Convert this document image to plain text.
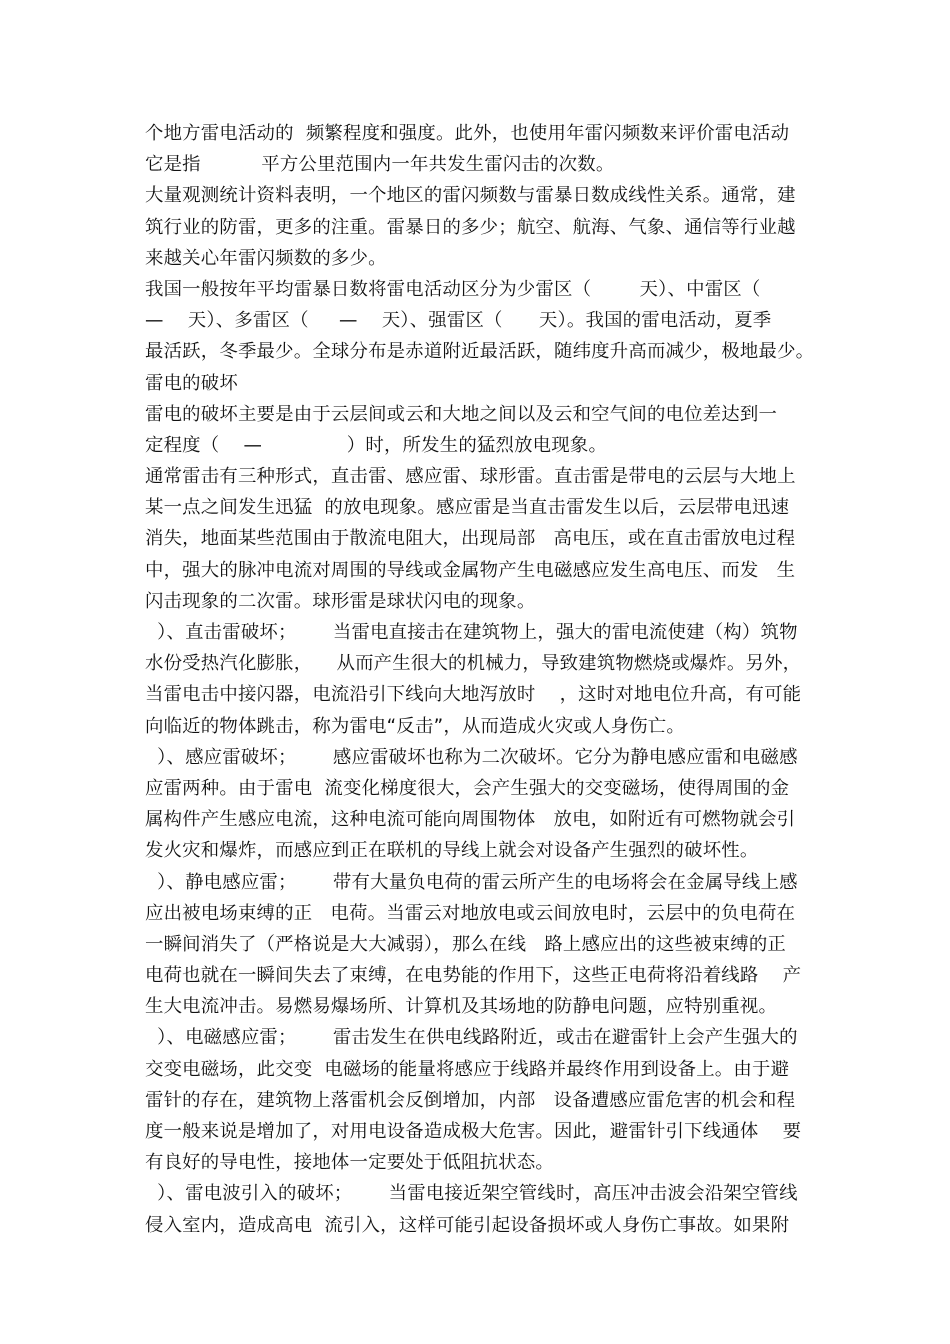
个地方雷电活动的  频繁程度和强度。此外，也使用年雷闪频数来评价雷电活动
它是指          平方公里范围内一年共发生雷闪击的次数。
大量观测统计资料表明，一个地区的雷闪频数与雷暴日数成线性关系。通常，建
筑行业的防雷，更多的注重。雷暴日的多少；航空、航海、气象、通信等行业越
来越关心年雷闪频数的多少。
我国一般按年平均雷暴日数将雷电活动区分为少雷区（        天）、中雷区（
—    天）、多雷区（     —    天）、强雷区（      天）。我国的雷电活动，夏季
最活跃，冬季最少。全球分布是赤道附近最活跃，随纬度升高而减少，极地最少。
雷电的破坏
雷电的破坏主要是由于云层间或云和大地之间以及云和空气间的电位差达到一
定程度（    —              ）时，所发生的猛烈放电现象。
通常雷击有三种形式，直击雷、感应雷、球形雷。直击雷是带电的云层与大地上
某一点之间发生迅猛  的放电现象。感应雷是当直击雷发生以后，云层带电迅速
消失，地面某些范围由于散流电阻大，出现局部   高电压，或在直击雷放电过程
中，强大的脉冲电流对周围的导线或金属物产生电磁感应发生高电压、而发   生
闪击现象的二次雷。球形雷是球状闪电的现象。
）、直击雷破坏；      当雷电直接击在建筑物上，强大的雷电流使建（构）筑物
水份受热汽化膨胀，    从而产生很大的机械力，导致建筑物燃烧或爆炸。另外，
当雷电击中接闪器，电流沿引下线向大地泻放时    ，这时对地电位升高，有可能
向临近的物体跳击，称为雷电“反击”，从而造成火灾或人身伤亡。
）、感应雷破坏；      感应雷破坏也称为二次破坏。它分为静电感应雷和电磁感
应雷两种。由于雷电  流变化梯度很大，会产生强大的交变磁场，使得周围的金
属构件产生感应电流，这种电流可能向周围物体   放电，如附近有可燃物就会引
发火灾和爆炸，而感应到正在联机的导线上就会对设备产生强烈的破坏性。
）、静电感应雷；      带有大量负电荷的雷云所产生的电场将会在金属导线上感
应出被电场束缚的正   电荷。当雷云对地放电或云间放电时，云层中的负电荷在
一瞬间消失了（严格说是大大减弱），那么在线   路上感应出的这些被束缚的正
电荷也就在一瞬间失去了束缚，在电势能的作用下，这些正电荷将沿着线路    产
生大电流冲击。易燃易爆场所、计算机及其场地的防静电问题，应特别重视。
）、电磁感应雷；      雷击发生在供电线路附近，或击在避雷针上会产生强大的
交变电磁场，此交变  电磁场的能量将感应于线路并最终作用到设备上。由于避
雷针的存在，建筑物上落雷机会反倒增加，内部   设备遭感应雷危害的机会和程
度一般来说是增加了，对用电设备造成极大危害。因此，避雷针引下线通体    要
有良好的导电性，接地体一定要处于低阻抗状态。
）、雷电波引入的破坏；      当雷电接近架空管线时，高压冲击波会沿架空管线
侵入室内，造成高电  流引入，这样可能引起设备损坏或人身伤亡事故。如果附
